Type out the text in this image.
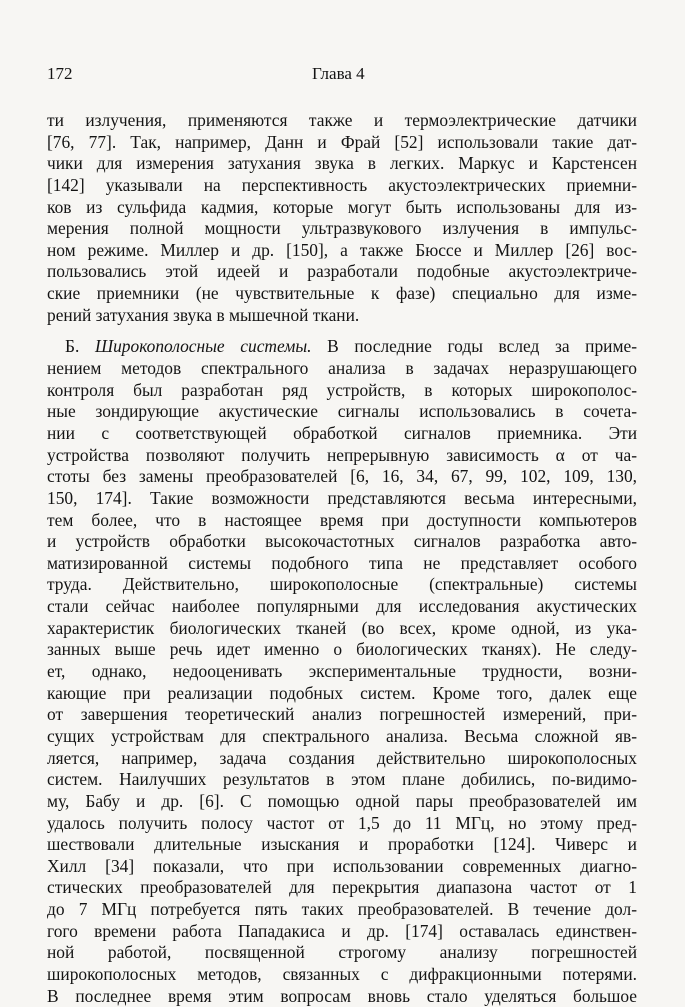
172	Глава 4
ти излучения, применяются также и термоэлектрические датчики
[76, 77]. Так, например, Данн и Фрай [52] использовали такие дат-
чики для измерения затухания звука в легких. Маркус и Карстенсен
[142] указывали на перспективность акустоэлектрических приемни-
ков из сульфида кадмия, которые могут быть использованы для из-
мерения полной мощности ультразвукового излучения в импульс-
ном режиме. Миллер и др. [150], а также Бюссе и Миллер [26] вос-
пользовались этой идеей и разработали подобные акустоэлектриче-
ские приемники (не чувствительные к фазе) специально для изме-
рений затухания звука в мышечной ткани.
Б. Широкополосные системы. В последние годы вслед за приме-
нением методов спектрального анализа в задачах неразрушающего
контроля был разработан ряд устройств, в которых широкополос-
ные зондирующие акустические сигналы использовались в сочета-
нии с соответствующей обработкой сигналов приемника. Эти
устройства позволяют получить непрерывную зависимость α от ча-
стоты без замены преобразователей [6, 16, 34, 67, 99, 102, 109, 130,
150, 174]. Такие возможности представляются весьма интересными,
тем более, что в настоящее время при доступности компьютеров
и устройств обработки высокочастотных сигналов разработка авто-
матизированной системы подобного типа не представляет особого
труда. Действительно, широкополосные (спектральные) системы
стали сейчас наиболее популярными для исследования акустических
характеристик биологических тканей (во всех, кроме одной, из ука-
занных выше речь идет именно о биологических тканях). Не следу-
ет, однако, недооценивать экспериментальные трудности, возни-
кающие при реализации подобных систем. Кроме того, далек еще
от завершения теоретический анализ погрешностей измерений, при-
сущих устройствам для спектрального анализа. Весьма сложной яв-
ляется, например, задача создания действительно широкополосных
систем. Наилучших результатов в этом плане добились, по-видимо-
му, Бабу и др. [6]. С помощью одной пары преобразователей им
удалось получить полосу частот от 1,5 до 11 МГц, но этому пред-
шествовали длительные изыскания и проработки [124]. Чиверс и
Хилл [34] показали, что при использовании современных диагно-
стических преобразователей для перекрытия диапазона частот от 1
до 7 МГц потребуется пять таких преобразователей. В течение дол-
гого времени работа Пападакиса и др. [174] оставалась единствен-
ной работой, посвященной строгому анализу погрешностей
широкополосных методов, связанных с дифракционными потерями.
В последнее время этим вопросам вновь стало уделяться большое
